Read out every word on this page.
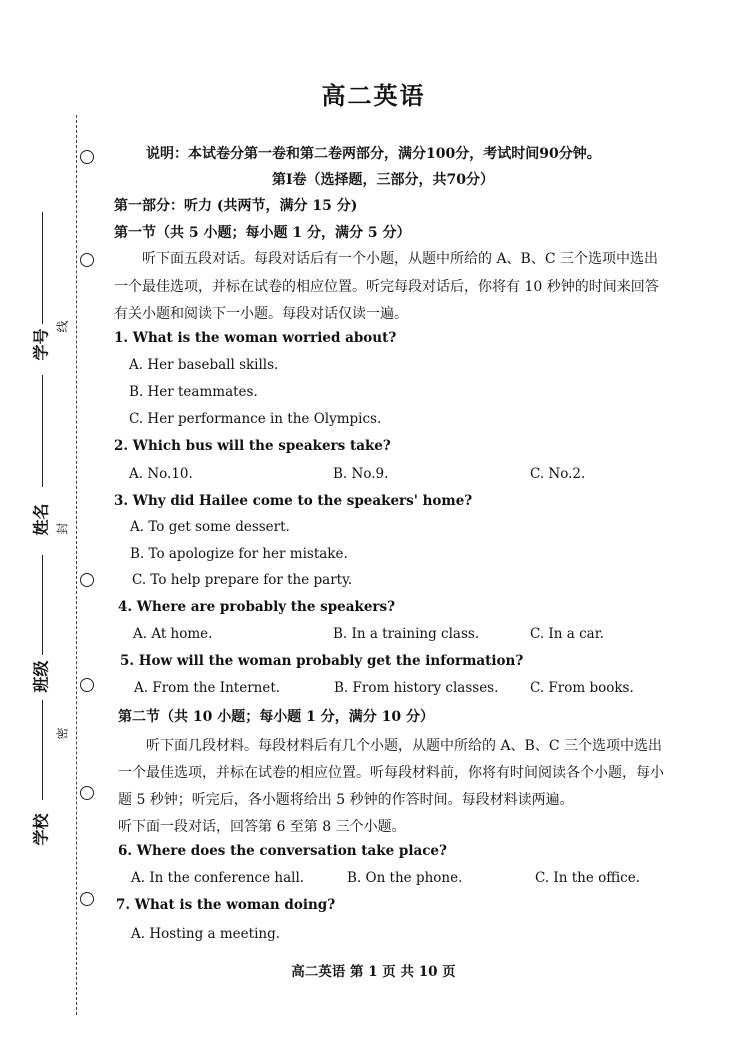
学号
姓名
班级
学校
线
封
密
高二英语
说明：本试卷分第一卷和第二卷两部分，满分100分，考试时间90分钟。
第I卷（选择题，三部分，共70分）
第一部分：听力 (共两节，满分 15 分)
第一节（共 5 小题；每小题 1 分，满分 5 分）
听下面五段对话。每段对话后有一个小题，从题中所给的 A、B、C 三个选项中选出
一个最佳选项，并标在试卷的相应位置。听完每段对话后，你将有 10 秒钟的时间来回答
有关小题和阅读下一小题。每段对话仅读一遍。
1. What is the woman worried about?
A. Her baseball skills.
B. Her teammates.
C. Her performance in the Olympics.
2. Which bus will the speakers take?
A. No.10.	B. No.9.	C. No.2.
3. Why did Hailee come to the speakers' home?
A. To get some dessert.
B. To apologize for her mistake.
C. To help prepare for the party.
4. Where are probably the speakers?
A. At home.	B. In a training class.	C. In a car.
5. How will the woman probably get the information?
A. From the Internet.	B. From history classes. C. From books.
第二节（共 10 小题；每小题 1 分，满分 10 分）
听下面几段材料。每段材料后有几个小题，从题中所给的 A、B、C 三个选项中选出
一个最佳选项，并标在试卷的相应位置。听每段材料前，你将有时间阅读各个小题，每小
题 5 秒钟；听完后，各小题将给出 5 秒钟的作答时间。每段材料读两遍。
听下面一段对话，回答第 6 至第 8 三个小题。
6. Where does the conversation take place?
A. In the conference hall.	B. On the phone.	C. In the office.
7. What is the woman doing?
A. Hosting a meeting.
高二英语 第 1 页 共 10 页
